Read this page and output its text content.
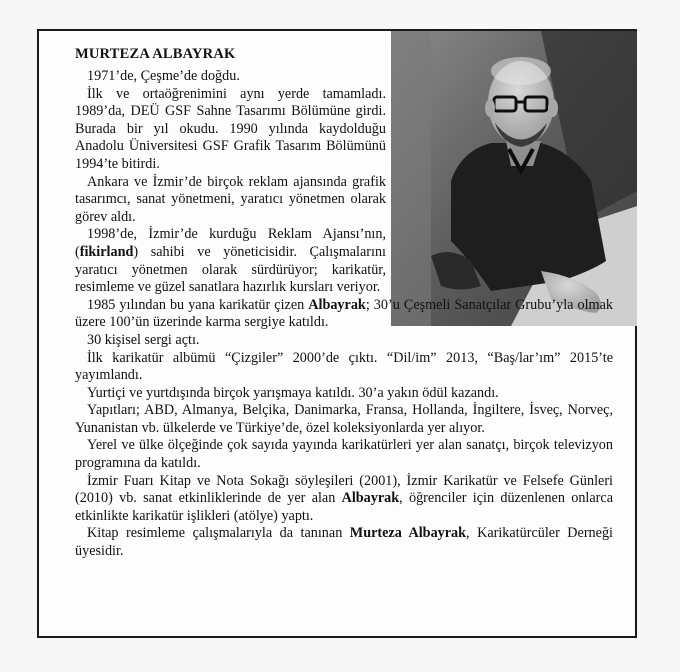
MURTEZA ALBAYRAK

1971’de, Çeşme’de doğdu.

İlk ve ortaöğrenimini aynı yerde tamamladı. 1989’da, DEÜ GSF Sahne Tasarımı Bölümüne girdi. Burada bir yıl okudu. 1990 yılında kaydolduğu Anadolu Üniversitesi GSF Grafik Tasarım Bölümünü 1994’te bitirdi.

Ankara ve İzmir’de birçok reklam ajansında grafik tasarımcı, sanat yönetmeni, yaratıcı yönetmen olarak görev aldı.

1998’de, İzmir’de kurduğu Reklam Ajansı’nın, (fikirland) sahibi ve yöneticisidir. Çalışmalarını yaratıcı yönetmen olarak sürdürüyor; karikatür, resimleme ve güzel sanatlara hazırlık kursları veriyor.

1985 yılından bu yana karikatür çizen Albayrak; 30’u Çeşmeli Sanatçılar Grubu’yla olmak üzere 100’ün üzerinde karma sergiye katıldı.

30 kişisel sergi açtı.

İlk karikatür albümü “Çizgiler” 2000’de çıktı. “Dil/im” 2013, “Baş/lar’ım” 2015’te yayımlandı.

Yurtiçi ve yurtdışında birçok yarışmaya katıldı. 30’a yakın ödül kazandı.

Yapıtları; ABD, Almanya, Belçika, Danimarka, Fransa, Hollanda, İngiltere, İsveç, Norveç, Yunanistan vb. ülkelerde ve Türkiye’de, özel koleksiyonlarda yer alıyor.

Yerel ve ülke ölçeğinde çok sayıda yayında karikatürleri yer alan sanatçı, birçok televizyon programına da katıldı.

İzmir Fuarı Kitap ve Nota Sokağı söyleşileri (2001), İzmir Karikatür ve Felsefe Günleri (2010) vb. sanat etkinliklerinde de yer alan Albayrak, öğrenciler için düzenlenen onlarca etkinlikte karikatür işlikleri (atölye) yaptı.

Kitap resimleme çalışmalarıyla da tanınan Murteza Albayrak, Karikatürcüler Derneği üyesidir.
